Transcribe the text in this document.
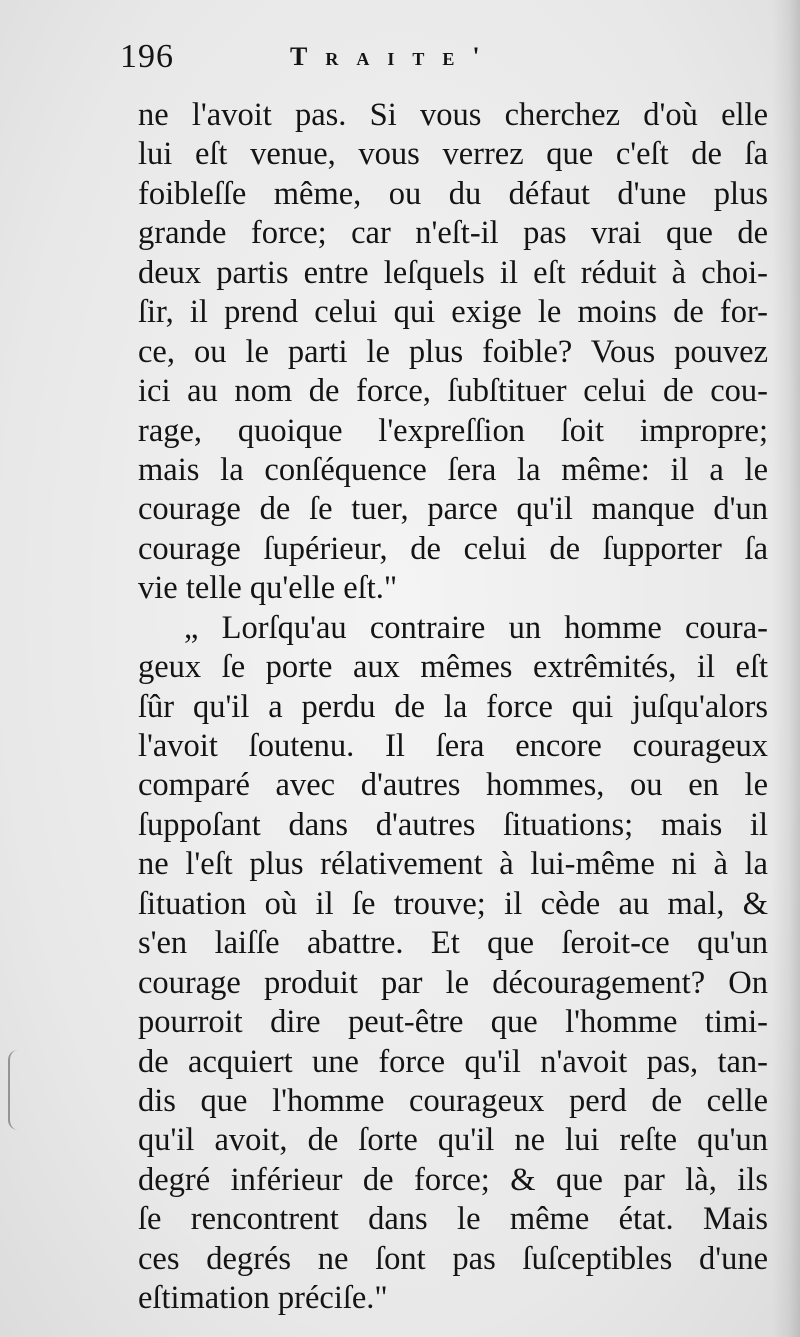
196	Traite'
ne l'avoit pas. Si vous cherchez d'où elle
lui eſt venue, vous verrez que c'eſt de ſa
foibleſſe même, ou du défaut d'une plus
grande force; car n'eſt-il pas vrai que de
deux partis entre leſquels il eſt réduit à choi-
ſir, il prend celui qui exige le moins de for-
ce, ou le parti le plus foible? Vous pouvez
ici au nom de force, ſubſtituer celui de cou-
rage, quoique l'expreſſion ſoit impropre;
mais la conſéquence ſera la même: il a le
courage de ſe tuer, parce qu'il manque d'un
courage ſupérieur, de celui de ſupporter ſa
vie telle qu'elle eſt."
„ Lorſqu'au contraire un homme coura-
geux ſe porte aux mêmes extrêmités, il eſt
ſûr qu'il a perdu de la force qui juſqu'alors
l'avoit ſoutenu. Il ſera encore courageux
comparé avec d'autres hommes, ou en le
ſuppoſant dans d'autres ſituations; mais il
ne l'eſt plus rélativement à lui-même ni à la
ſituation où il ſe trouve; il cède au mal, &
s'en laiſſe abattre. Et que ſeroit-ce qu'un
courage produit par le découragement? On
pourroit dire peut-être que l'homme timi-
de acquiert une force qu'il n'avoit pas, tan-
dis que l'homme courageux perd de celle
qu'il avoit, de ſorte qu'il ne lui reſte qu'un
degré inférieur de force; & que par là, ils
ſe rencontrent dans le même état. Mais
ces degrés ne ſont pas ſuſceptibles d'une
eſtimation préciſe."
